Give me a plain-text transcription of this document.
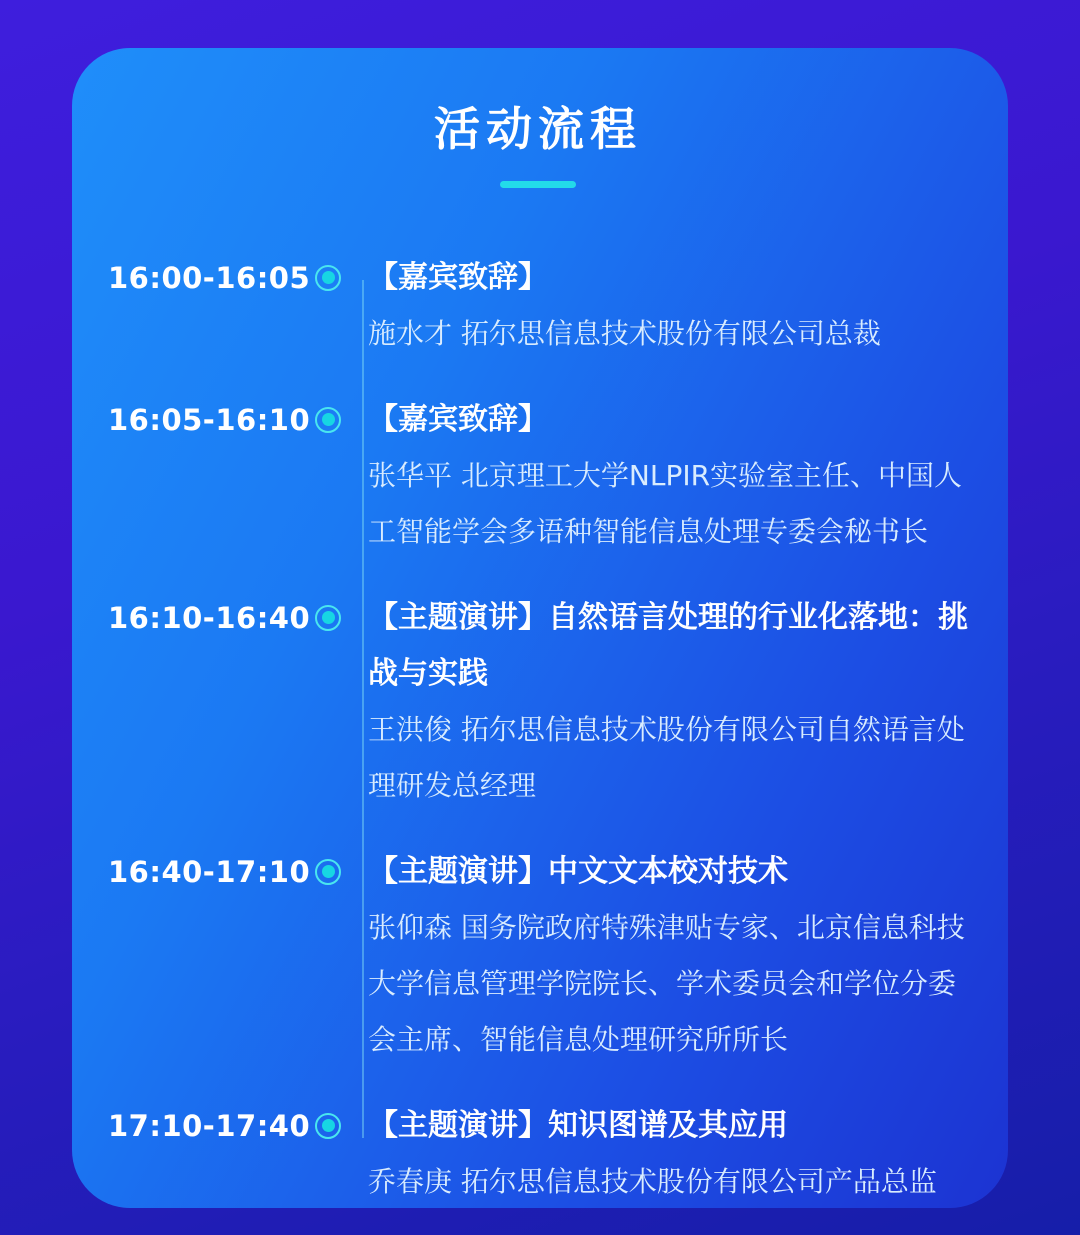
活动流程
16:00-16:05 【嘉宾致辞】
施水才 拓尔思信息技术股份有限公司总裁
16:05-16:10 【嘉宾致辞】
张华平 北京理工大学NLPIR实验室主任、中国人工智能学会多语种智能信息处理专委会秘书长
16:10-16:40 【主题演讲】自然语言处理的行业化落地：挑战与实践
王洪俊 拓尔思信息技术股份有限公司自然语言处理研发总经理
16:40-17:10 【主题演讲】中文文本校对技术
张仰森 国务院政府特殊津贴专家、北京信息科技大学信息管理学院院长、学术委员会和学位分委会主席、智能信息处理研究所所长
17:10-17:40 【主题演讲】知识图谱及其应用
乔春庚 拓尔思信息技术股份有限公司产品总监
